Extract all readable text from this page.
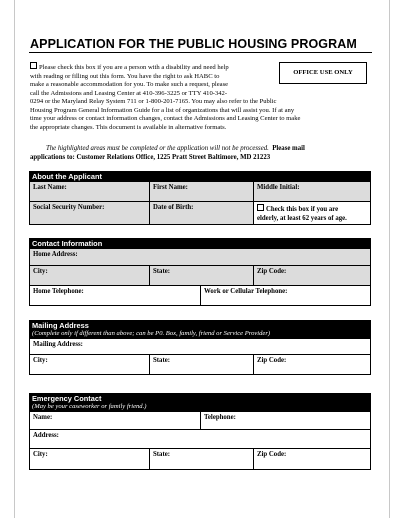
APPLICATION FOR THE PUBLIC HOUSING PROGRAM
OFFICE USE ONLY
Please check this box if you are a person with a disability and need help
with reading or filling out this form. You have the right to ask HABC to
make a reasonable accommodation for you. To make such a request, please
call the Admissions and Leasing Center at 410-396-3225 or TTY 410-342-
0294 or the Maryland Relay System 711 or 1-800-201-7165. You may also refer to the Public
Housing Program General Information Guide for a list of organizations that will assist you. If at any
time your address or contact information changes, contact the Admissions and Leasing Center to make
the appropriate changes. This document is available in alternative formats.
The highlighted areas must be completed or the application will not be processed. Please mail
applications to: Customer Relations Office, 1225 Pratt Street Baltimore, MD 21223
About the Applicant
Last Name:	First Name:	Middle Initial:
Social Security Number:	Date of Birth:	Check this box if you are
elderly, at least 62 years of age.
Contact Information
Home Address:
City:	State:	Zip Code:
Home Telephone:	Work or Cellular Telephone:
Mailing Address
(Complete only if different than above; can be P0. Box, family, friend or Service Provider)
Mailing Address:
City:	State:	Zip Code:
Emergency Contact
(May be your caseworker or family friend.)
Name:	Telephone:
Address:
City:	State:	Zip Code:
